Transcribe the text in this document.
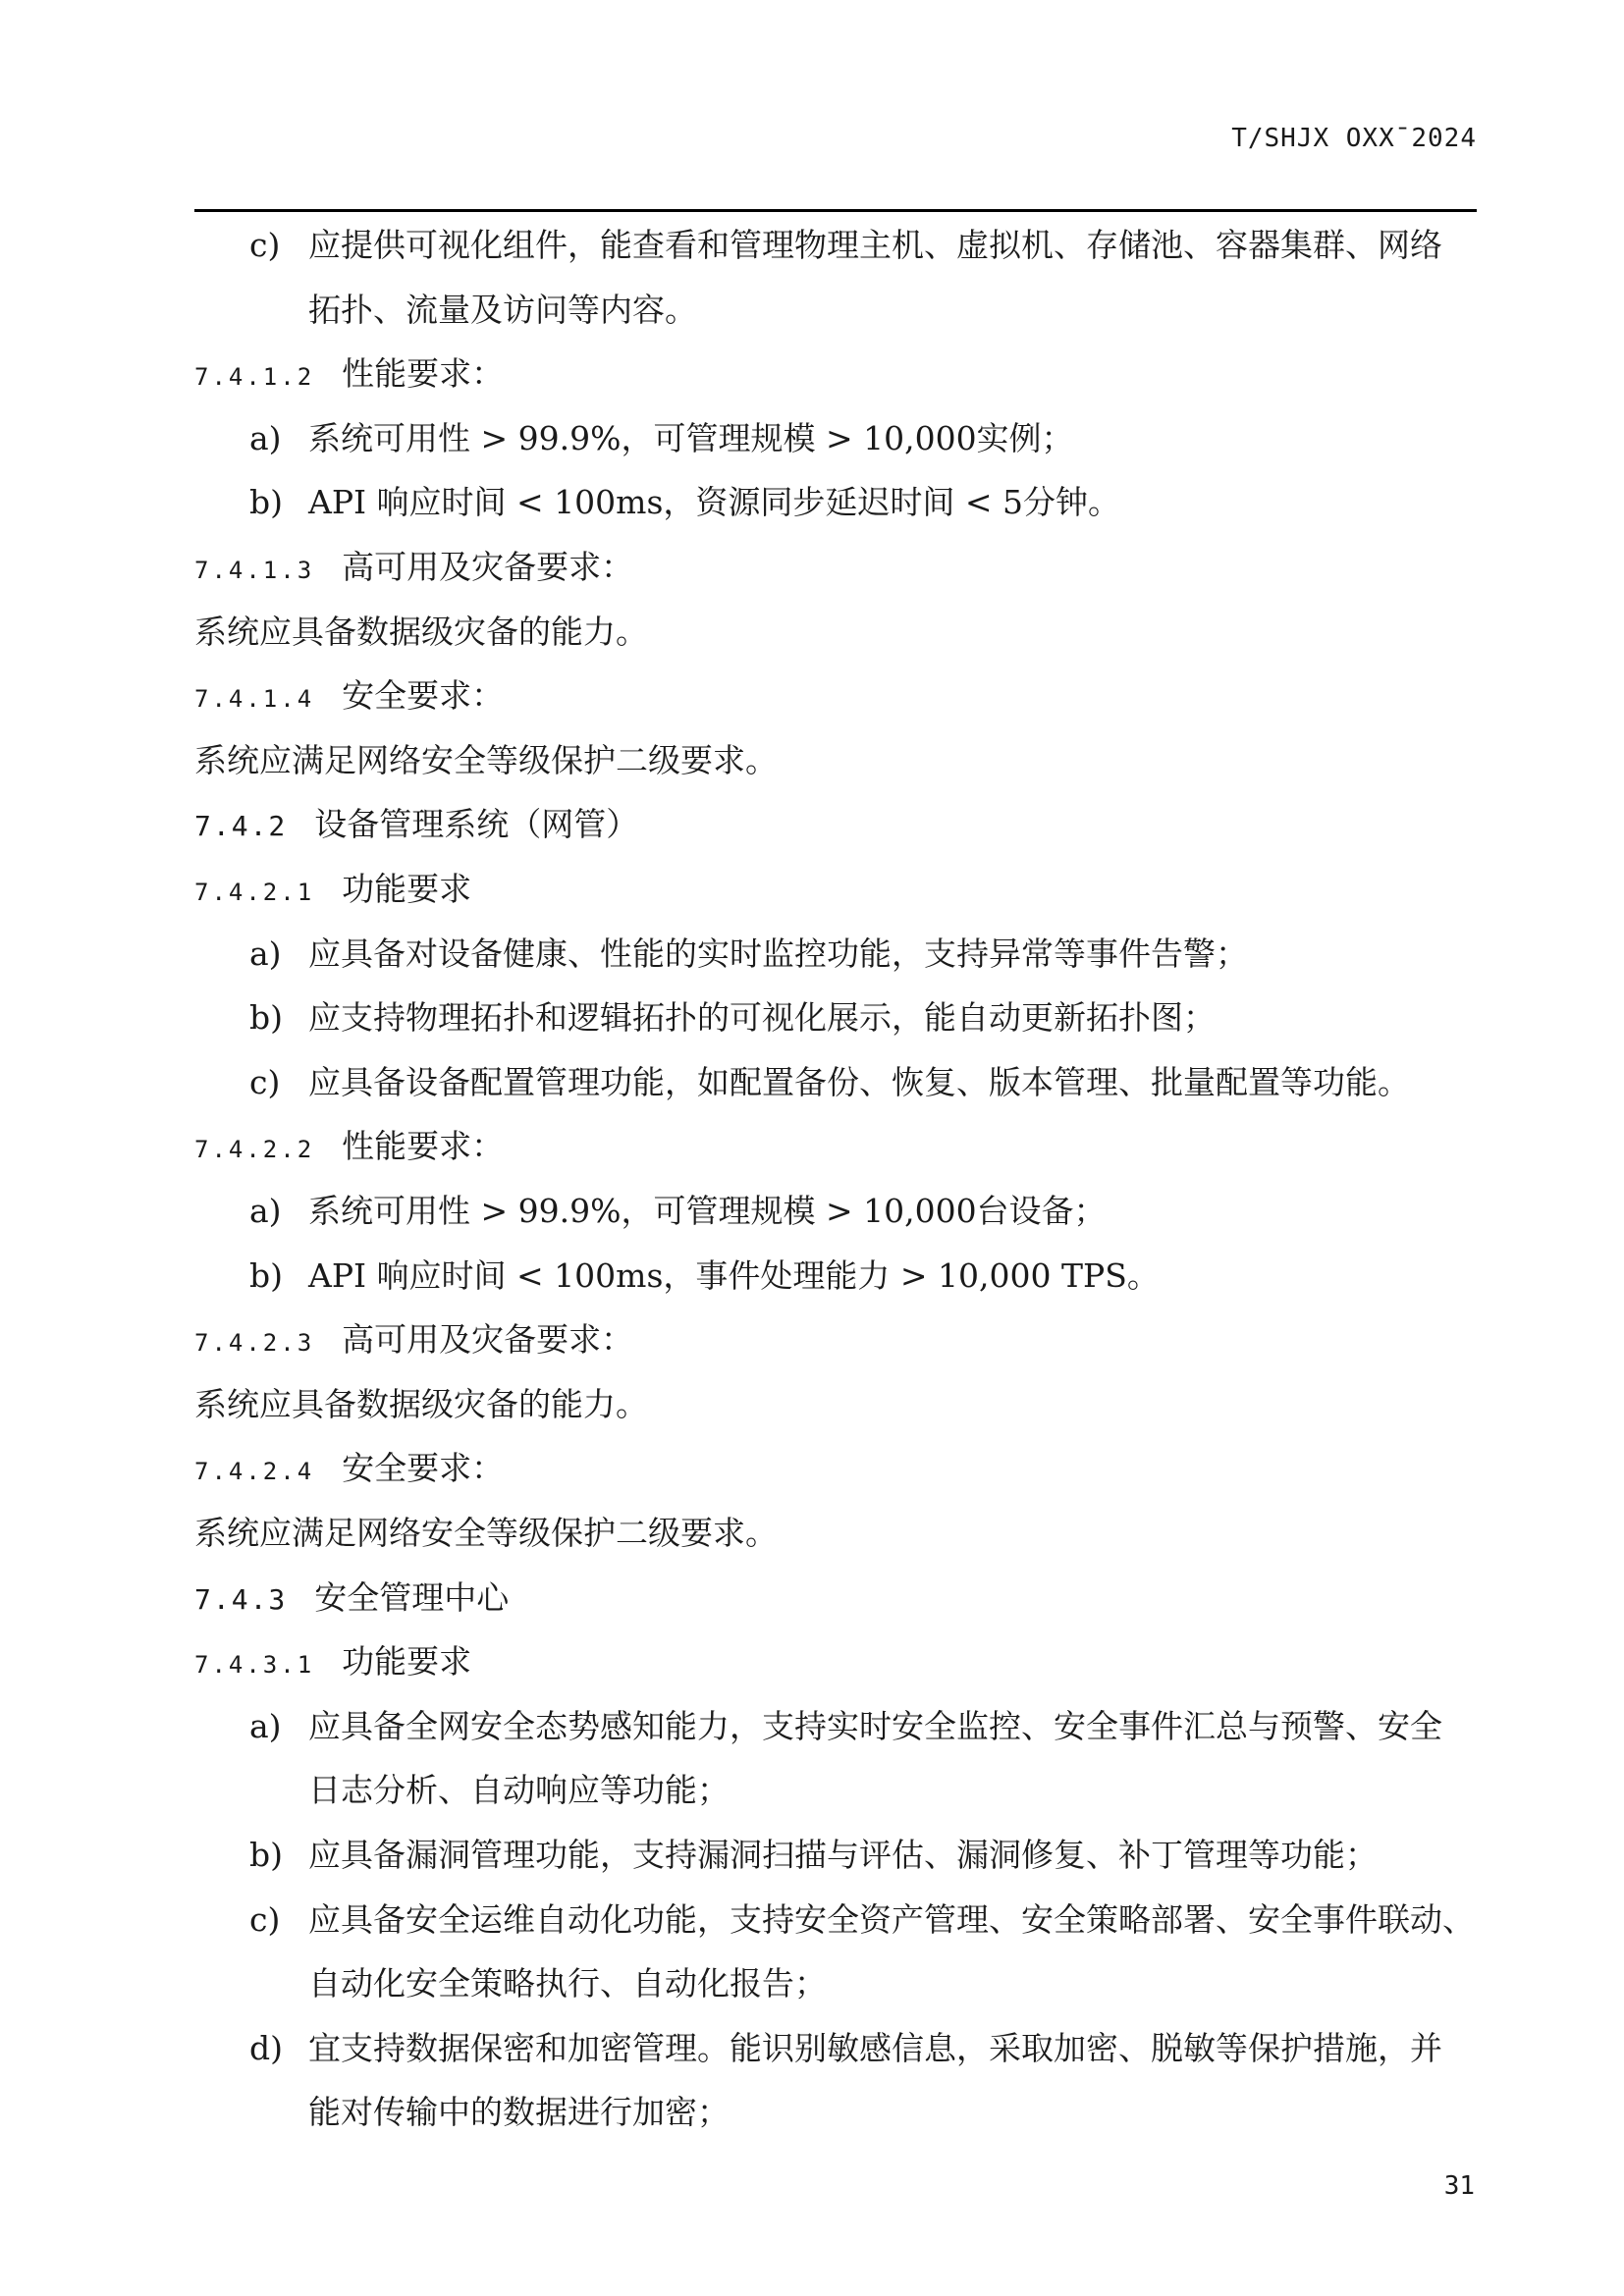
T/SHJX OXX¯2024
c) 应提供可视化组件，能查看和管理物理主机、虚拟机、存储池、容器集群、网络
拓扑、流量及访问等内容。
7.4.1.2 性能要求：
a) 系统可用性 > 99.9%，可管理规模 > 10,000实例；
b) API 响应时间 < 100ms，资源同步延迟时间 < 5分钟。
7.4.1.3 高可用及灾备要求：
系统应具备数据级灾备的能力。
7.4.1.4 安全要求：
系统应满足网络安全等级保护二级要求。
7.4.2 设备管理系统（网管）
7.4.2.1 功能要求
a) 应具备对设备健康、性能的实时监控功能，支持异常等事件告警；
b) 应支持物理拓扑和逻辑拓扑的可视化展示，能自动更新拓扑图；
c) 应具备设备配置管理功能，如配置备份、恢复、版本管理、批量配置等功能。
7.4.2.2 性能要求：
a) 系统可用性 > 99.9%，可管理规模 > 10,000台设备；
b) API 响应时间 < 100ms，事件处理能力 > 10,000 TPS。
7.4.2.3 高可用及灾备要求：
系统应具备数据级灾备的能力。
7.4.2.4 安全要求：
系统应满足网络安全等级保护二级要求。
7.4.3 安全管理中心
7.4.3.1 功能要求
a) 应具备全网安全态势感知能力，支持实时安全监控、安全事件汇总与预警、安全
日志分析、自动响应等功能；
b) 应具备漏洞管理功能，支持漏洞扫描与评估、漏洞修复、补丁管理等功能；
c) 应具备安全运维自动化功能，支持安全资产管理、安全策略部署、安全事件联动、
自动化安全策略执行、自动化报告；
d) 宜支持数据保密和加密管理。能识别敏感信息，采取加密、脱敏等保护措施，并
能对传输中的数据进行加密；
31
